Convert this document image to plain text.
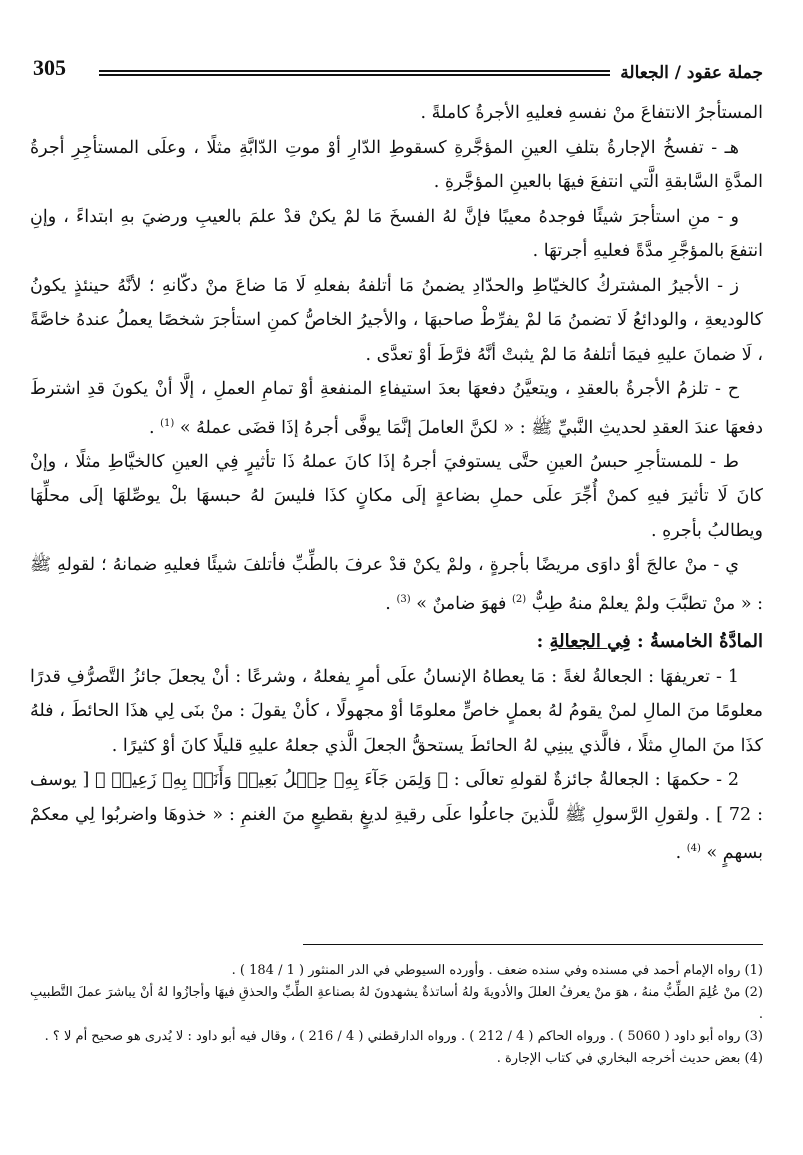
جملة عقود / الجعالة
305

المستأجرُ الانتفاعَ منْ نفسهِ فعليهِ الأجرةُ كاملةً .

هـ - تفسخُ الإجارةُ بتلفِ العينِ المؤجَّرةِ كسقوطِ الدّارِ أوْ موتِ الدّابَّةِ مثلًا ، وعلَى المستأجِرِ أجرةُ المدَّةِ السَّابقةِ الَّتي انتفعَ فيهَا بالعينِ المؤجَّرةِ .

و - منِ استأجرَ شيئًا فوجدهُ معيبًا فإنَّ لهُ الفسخَ مَا لمْ يكنْ قدْ علمَ بالعيبِ ورضيَ بهِ ابتداءً ، وإنِ انتفعَ بالمؤجَّرِ مدَّةً فعليهِ أجرتهَا .

ز - الأجيرُ المشتركُ كالخيّاطِ والحدّادِ يضمنُ مَا أتلفهُ بفعلهِ لَا مَا ضاعَ منْ دكّانهِ ؛ لأنَّهُ حينئذٍ يكونُ كالوديعةِ ، والودائعُ لَا تضمنُ مَا لمْ يفرِّطْ صاحبهَا ، والأجيرُ الخاصُّ كمنِ استأجرَ شخصًا يعملُ عندهُ خاصَّةً ، لَا ضمانَ عليهِ فيمَا أتلفهُ مَا لمْ يثبتْ أنَّهُ فرَّطَ أوْ تعدَّى .

ح - تلزمُ الأجرةُ بالعقدِ ، ويتعيَّنُ دفعهَا بعدَ استيفاءِ المنفعةِ أوْ تمامِ العملِ ، إلَّا أنْ يكونَ قدِ اشترطَ دفعهَا عندَ العقدِ لحديثِ النَّبيِّ ﷺ : « لكنَّ العاملَ إنَّمَا يوفَّى أجرهُ إذَا قضَى عملهُ » $^{(1)}$ .

ط - للمستأجرِ حبسُ العينِ حتَّى يستوفيَ أجرهُ إذَا كانَ عملهُ ذَا تأثيرٍ فِي العينِ كالخيَّاطِ مثلًا ، وإنْ كانَ لَا تأثيرَ فيهِ كمنْ أُجِّرَ علَى حملِ بضاعةٍ إلَى مكانٍ كذَا فليسَ لهُ حبسهَا بلْ يوصِّلهَا إلَى محلِّهَا ويطالبُ بأجرهِ .

ي - منْ عالجَ أوْ داوَى مريضًا بأجرةٍ ، ولمْ يكنْ قدْ عرفَ بالطِّبِّ فأتلفَ شيئًا فعليهِ ضمانهُ ؛ لقولهِ ﷺ : « منْ تطبَّبَ ولمْ يعلمْ منهُ طِبٌّ $^{(2)}$ فهوَ ضامنٌ » $^{(3)}$ .

المادَّةُ الخامسةُ : فِي الجعالةِ :

1 - تعريفهَا : الجعالةُ لغةً : مَا يعطاهُ الإنسانُ علَى أمرٍ يفعلهُ ، وشرعًا : أنْ يجعلَ جائزُ التَّصرُّفِ قدرًا معلومًا منَ المالِ لمنْ يقومُ لهُ بعملٍ خاصٍّ معلومًا أوْ مجهولًا ، كأنْ يقولَ : منْ بنَى لِي هذَا الحائطَ ، فلهُ كذَا منَ المالِ مثلًا ، فالَّذي يبنِي لهُ الحائطَ يستحقُّ الجعلَ الَّذي جعلهُ عليهِ قليلًا كانَ أوْ كثيرًا .

2 - حكمهَا : الجعالةُ جائزةٌ لقولهِ تعالَى : ﴿ وَلِمَن جَآءَ بِهِۦ حِمۡلُ بَعِيرٖ وَأَنَا۠ بِهِۦ زَعِيمٞ ﴾ [ يوسف : 72 ] . ولقولِ الرَّسولِ ﷺ للَّذينَ جاعلُوا علَى رقيةِ لديغٍ بقطيعٍ منَ الغنمِ : « خذوهَا واضربُوا لِي معكمْ بسهمٍ » $^{(4)}$ .

(1) رواه الإمام أحمد في مسنده وفي سنده ضعف . وأورده السيوطي في الدر المنثور ( 1 / 184 ) .

(2) منْ عُلِمَ الطِّبُّ منهُ ، هوَ منْ يعرفُ العللَ والأدويةَ ولهُ أساتذةٌ يشهدونَ لهُ بصناعةِ الطِّبِّ والحذقِ فيهَا وأجازُوا لهُ أنْ يباشرَ عملَ التَّطبيبِ .

(3) رواه أبو داود ( 5060 ) . ورواه الحاكم ( 4 / 212 ) . ورواه الدارقطني ( 4 / 216 ) ، وقال فيه أبو داود : لا يُدرى هو صحيح أم لا ؟ .

(4) بعض حديث أخرجه البخاري في كتاب الإجارة .
